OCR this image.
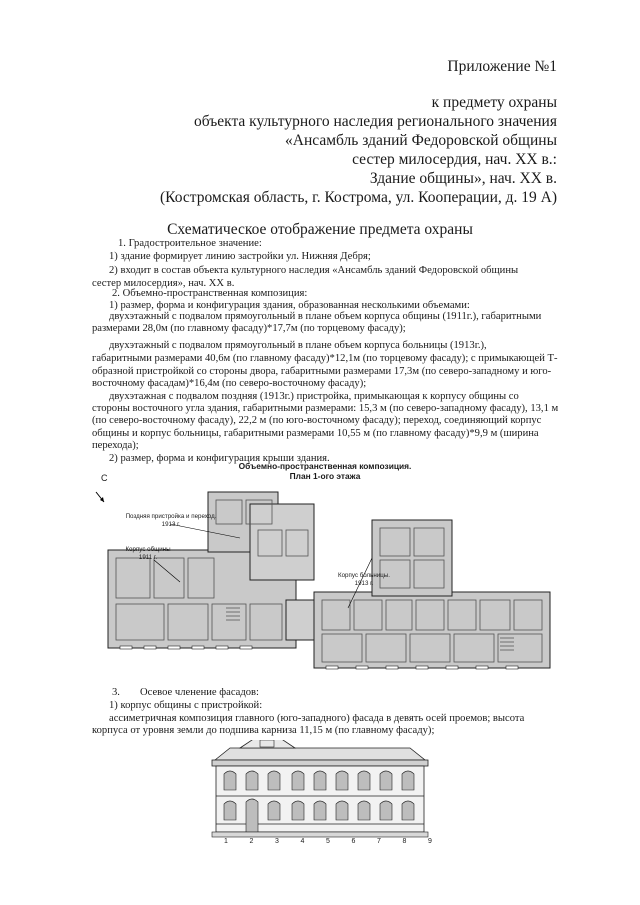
Приложение №1
к предмету охраны
объекта культурного наследия регионального значения
«Ансамбль зданий Федоровской общины
сестер милосердия, нач. XX в.:
Здание общины», нач. XX в.
(Костромская область, г. Кострома, ул. Кооперации, д. 19 А)
Схематическое отображение предмета охраны
1. Градостроительное значение:
1) здание формирует линию застройки ул. Нижняя Дебря;
2) входит в состав объекта культурного наследия «Ансамбль зданий Федоровской общины
сестер милосердия», нач. XX в.
2. Объемно-пространственная композиция:
1) размер, форма и конфигурация здания, образованная несколькими объемами:
двухэтажный с подвалом прямоугольный в плане объем корпуса общины (1911г.), габаритными
размерами 28,0м (по главному фасаду)*17,7м (по торцевому фасаду);
двухэтажный с подвалом прямоугольный в плане объем корпуса больницы (1913г.),
габаритными размерами 40,6м (по главному фасаду)*12,1м (по торцевому фасаду); с примыкающей Т-
образной пристройкой со стороны двора, габаритными размерами 17,3м (по северо-западному и юго-
восточному фасадам)*16,4м (по северо-восточному фасаду);
двухэтажная с подвалом поздняя (1913г.) пристройка, примыкающая к корпусу общины со
стороны восточного угла здания, габаритными размерами: 15,3 м (по северо-западному фасаду), 13,1 м
(по северо-восточному фасаду), 22,2 м (по юго-восточному фасаду); переход, соединяющий корпус
общины и корпус больницы, габаритными размерами 10,55 м (по главному фасаду)*9,9 м (ширина
перехода);
2) размер, форма и конфигурация крыши здания.
Объемно-пространственная композиция.
План 1-ого этажа
Поздняя пристройка и переход.
1913 г.
Корпус общины
1911 г.
Корпус больницы.
1913 г.
С
3. Осевое членение фасадов:
1) корпус общины с пристройкой:
ассиметричная композиция главного (юго-западного) фасада в девять осей проемов; высота
корпуса от уровня земли до подшива карниза 11,15 м (по главному фасаду);
1	2	3	4	5	6	7	8	9
